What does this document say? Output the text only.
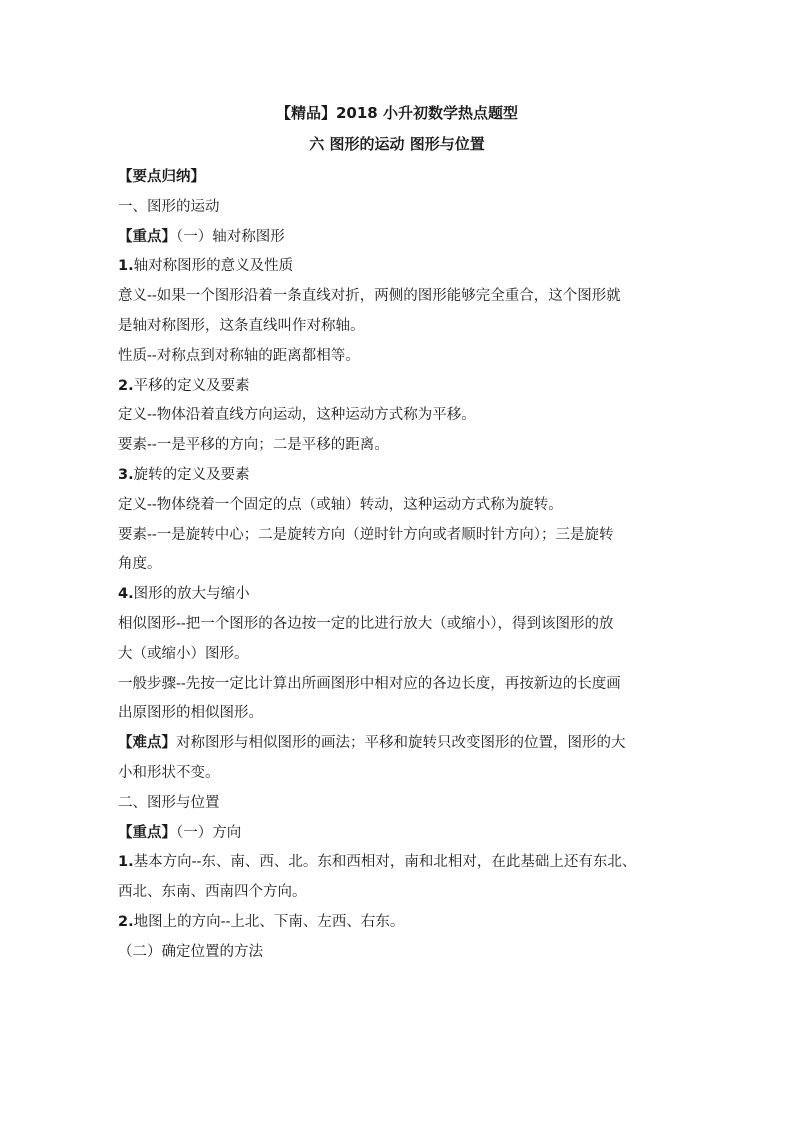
【精品】2018 小升初数学热点题型
六 图形的运动 图形与位置
【要点归纳】
一、图形的运动
【重点】（一）轴对称图形
1.轴对称图形的意义及性质
意义--如果一个图形沿着一条直线对折，两侧的图形能够完全重合，这个图形就
是轴对称图形，这条直线叫作对称轴。
性质--对称点到对称轴的距离都相等。
2.平移的定义及要素
定义--物体沿着直线方向运动，这种运动方式称为平移。
要素--一是平移的方向；二是平移的距离。
3.旋转的定义及要素
定义--物体绕着一个固定的点（或轴）转动，这种运动方式称为旋转。
要素--一是旋转中心；二是旋转方向（逆时针方向或者顺时针方向）；三是旋转
角度。
4.图形的放大与缩小
相似图形--把一个图形的各边按一定的比进行放大（或缩小），得到该图形的放
大（或缩小）图形。
一般步骤--先按一定比计算出所画图形中相对应的各边长度，再按新边的长度画
出原图形的相似图形。
【难点】对称图形与相似图形的画法；平移和旋转只改变图形的位置，图形的大
小和形状不变。
二、图形与位置
【重点】（一）方向
1.基本方向--东、南、西、北。东和西相对，南和北相对，在此基础上还有东北、
西北、东南、西南四个方向。
2.地图上的方向--上北、下南、左西、右东。
（二）确定位置的方法
